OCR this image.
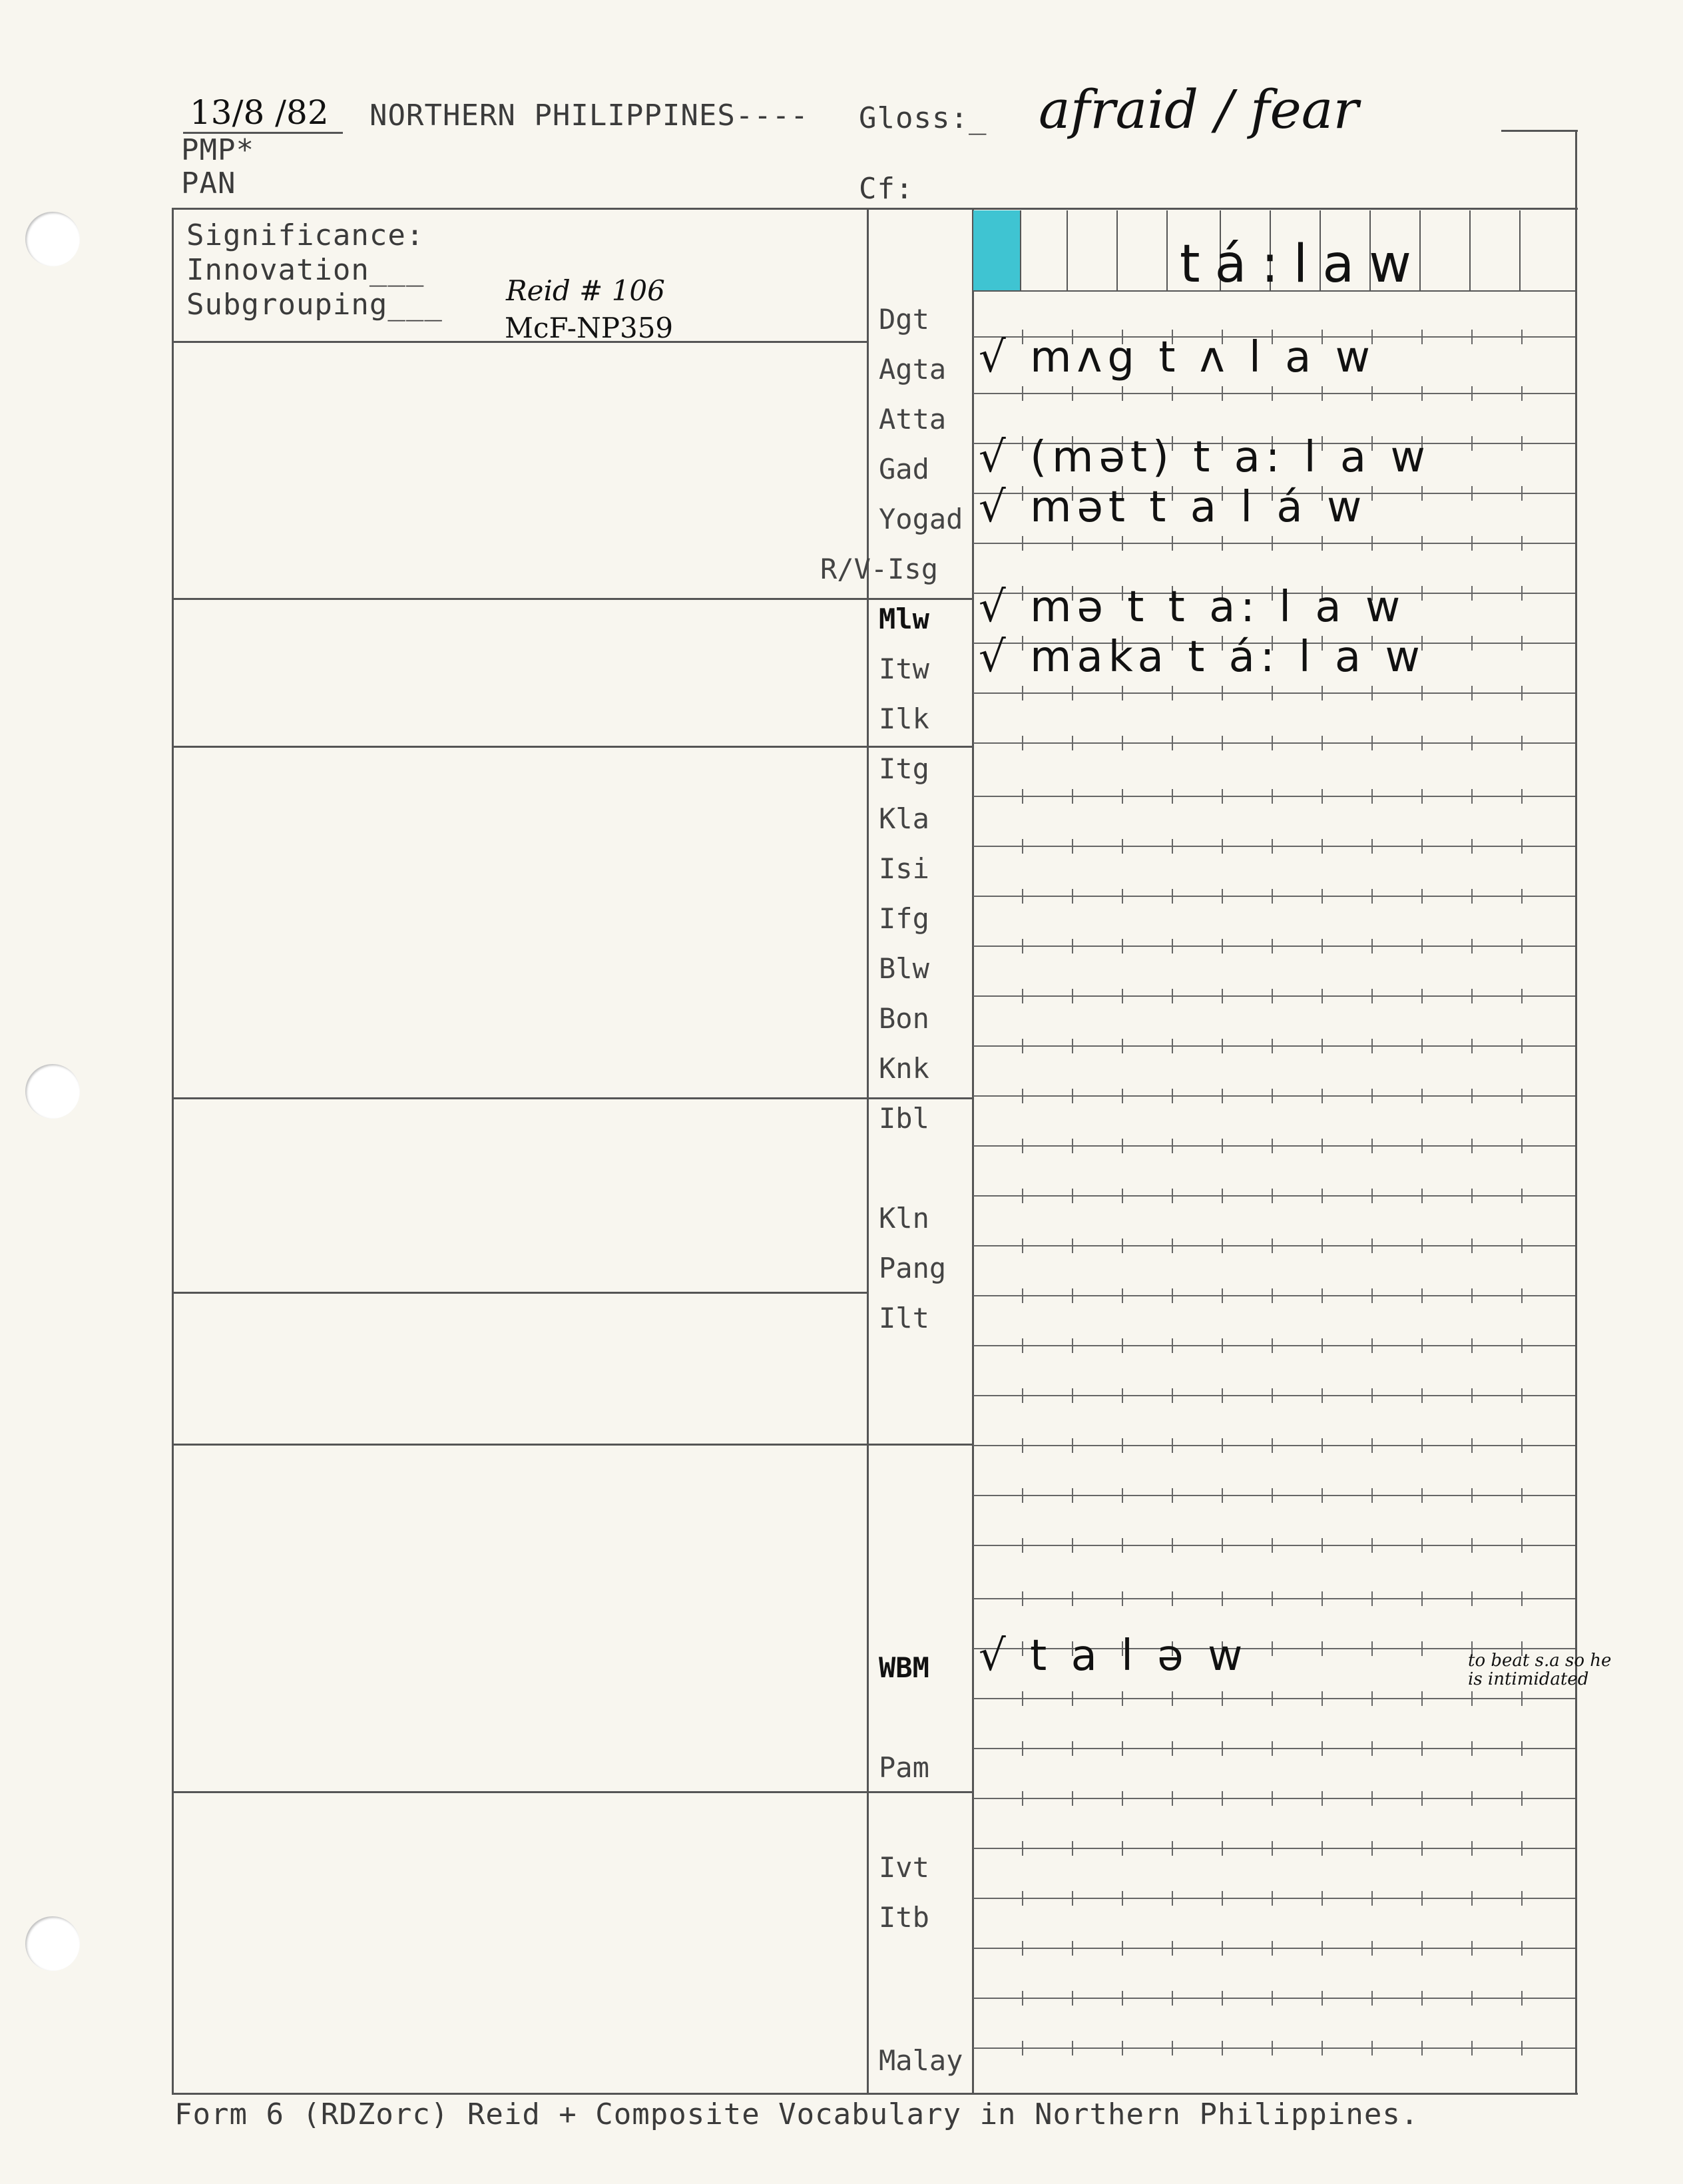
13/8 /82 NORTHERN PHILIPPINES---- Gloss:_ afraid / fear
PMP*
PAN	Cf:
Significance:
Innovation___
Subgrouping___ Reid # 106
McF-NP359
tá:law
Dgt
Agta √ mʌg t ʌ l a w
Atta
Gad √ (mət) t a: l a w
Yogad √ mət t a l á w
R/V-Isg
Mlw √ mə t t a: l a w
Itw √ maka t á: l a w
Ilk
Itg
Kla
Isi
Ifg
Blw
Bon
Knk
Ibl
Kln
Pang
Ilt
WBM √ t a l ə w
Pam
Ivt
Itb
Malay
to beat s.a so he is intimidated
Form 6 (RDZorc) Reid + Composite Vocabulary in Northern Philippines.
